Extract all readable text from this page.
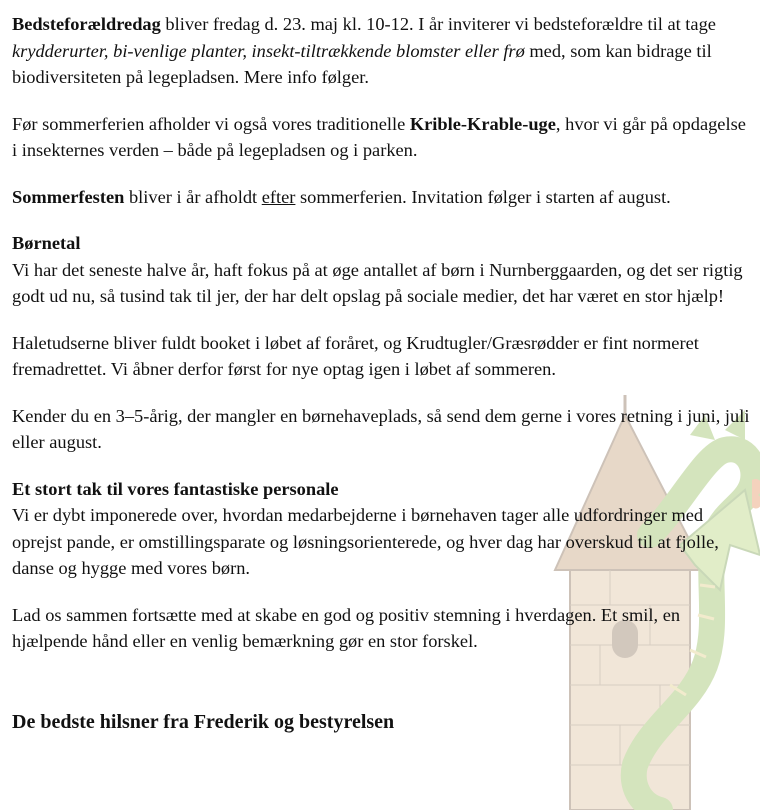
Bedsteforældredag bliver fredag d. 23. maj kl. 10-12. I år inviterer vi bedsteforældre til at tage krydderurter, bi-venlige planter, insekt-tiltrækkende blomster eller frø med, som kan bidrage til biodiversiteten på legepladsen. Mere info følger.

Før sommerferien afholder vi også vores traditionelle Krible-Krable-uge, hvor vi går på opdagelse i insekternes verden – både på legepladsen og i parken.

Sommerfesten bliver i år afholdt efter sommerferien. Invitation følger i starten af august.

Børnetal

Vi har det seneste halve år, haft fokus på at øge antallet af børn i Nurnberggaarden, og det ser rigtig godt ud nu, så tusind tak til jer, der har delt opslag på sociale medier, det har været en stor hjælp!

Haletudserne bliver fuldt booket i løbet af foråret, og Krudtugler/Græsrødder er fint normeret fremadrettet. Vi åbner derfor først for nye optag igen i løbet af sommeren.

Kender du en 3–5-årig, der mangler en børnehaveplads, så send dem gerne i vores retning i juni, juli eller august.

Et stort tak til vores fantastiske personale

Vi er dybt imponerede over, hvordan medarbejderne i børnehaven tager alle udfordringer med oprejst pande, er omstillingsparate og løsningsorienterede, og hver dag har overskud til at fjolle, danse og hygge med vores børn.

Lad os sammen fortsætte med at skabe en god og positiv stemning i hverdagen. Et smil, en hjælpende hånd eller en venlig bemærkning gør en stor forskel.

De bedste hilsner fra Frederik og bestyrelsen
